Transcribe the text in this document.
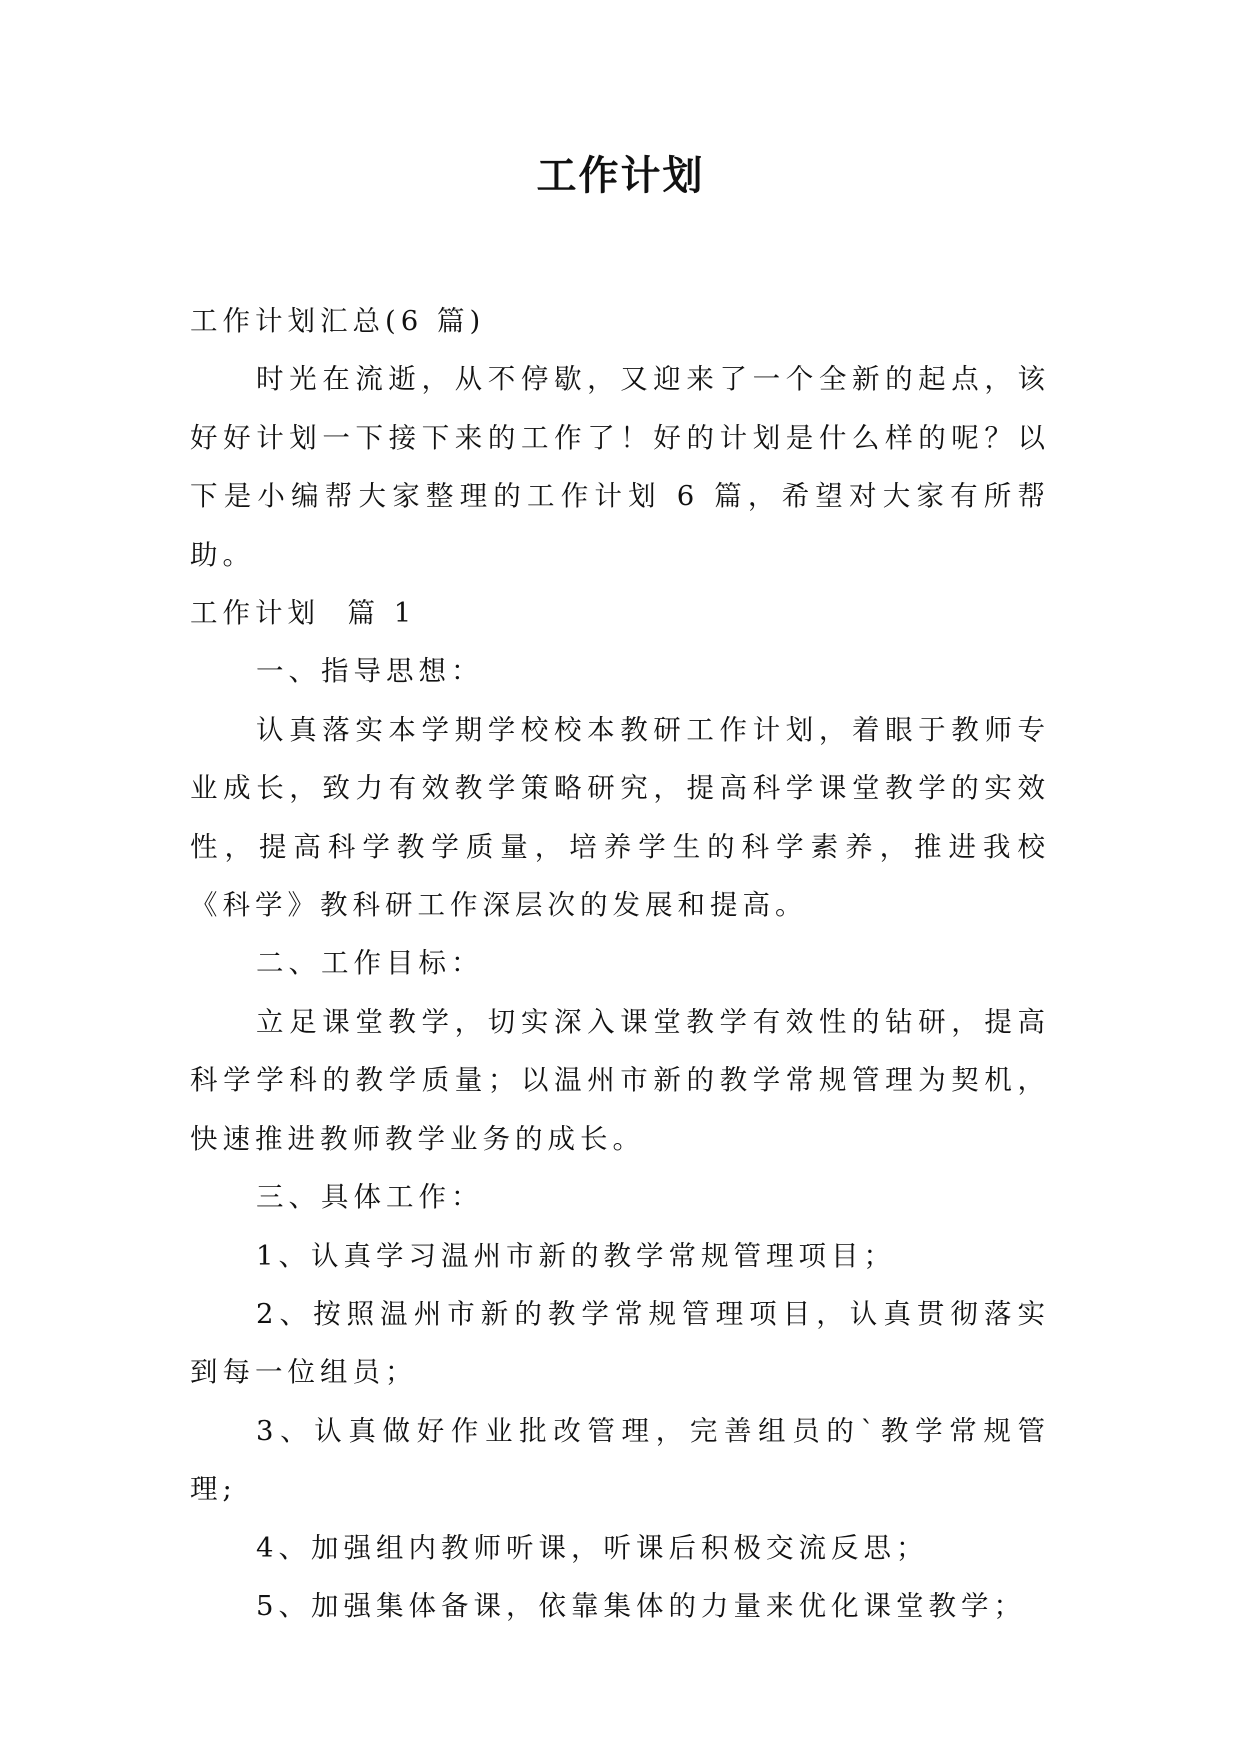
工作计划

工作计划汇总(6 篇)

时光在流逝，从不停歇，又迎来了一个全新的起点，该好好计划一下接下来的工作了！好的计划是什么样的呢？以下是小编帮大家整理的工作计划 6 篇，希望对大家有所帮助。

工作计划  篇 1

一、指导思想：

认真落实本学期学校校本教研工作计划，着眼于教师专业成长，致力有效教学策略研究，提高科学课堂教学的实效性，提高科学教学质量，培养学生的科学素养，推进我校《科学》教科研工作深层次的发展和提高。

二、工作目标：

立足课堂教学，切实深入课堂教学有效性的钻研，提高科学学科的教学质量；以温州市新的教学常规管理为契机，快速推进教师教学业务的成长。

三、具体工作：

1、认真学习温州市新的教学常规管理项目；

2、按照温州市新的教学常规管理项目，认真贯彻落实到每一位组员；

3、认真做好作业批改管理，完善组员的`教学常规管理;

4、加强组内教师听课，听课后积极交流反思；

5、加强集体备课，依靠集体的力量来优化课堂教学；
